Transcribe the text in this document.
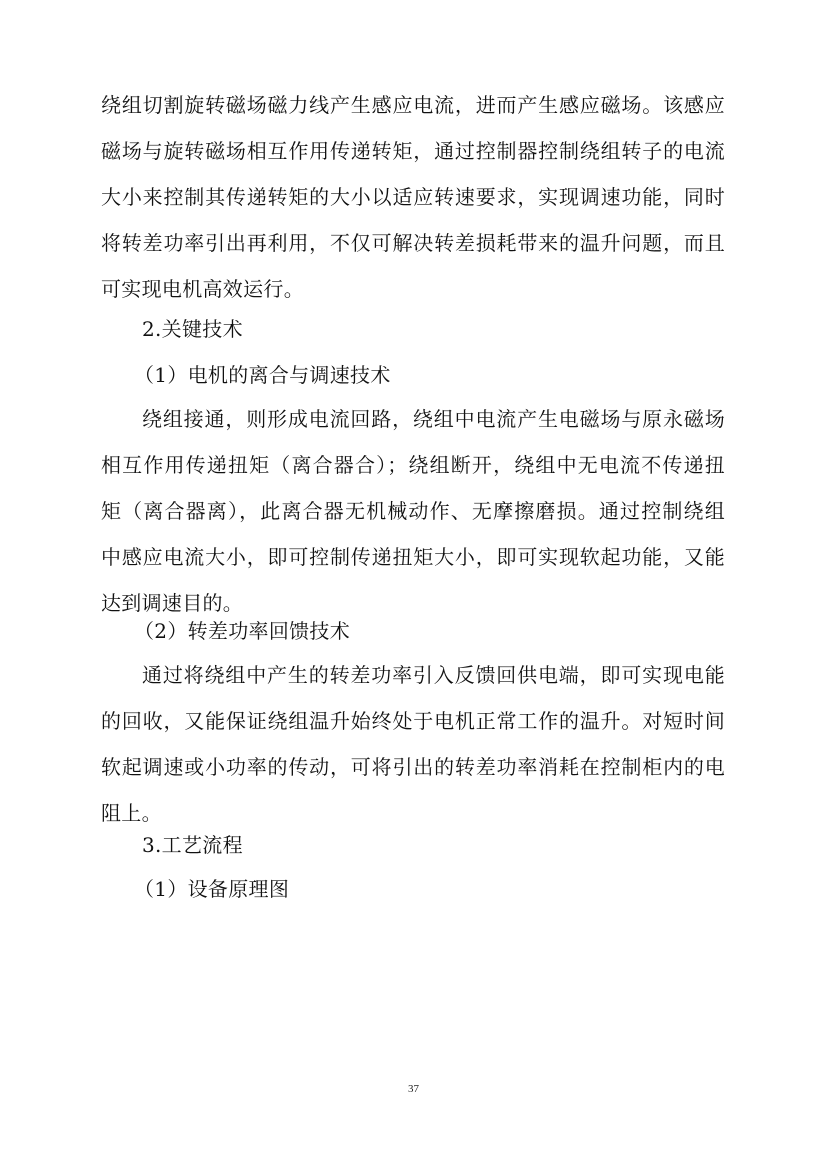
绕组切割旋转磁场磁力线产生感应电流，进而产生感应磁场。该感应
磁场与旋转磁场相互作用传递转矩，通过控制器控制绕组转子的电流
大小来控制其传递转矩的大小以适应转速要求，实现调速功能，同时
将转差功率引出再利用，不仅可解决转差损耗带来的温升问题，而且
可实现电机高效运行。
2.关键技术
（1）电机的离合与调速技术
绕组接通，则形成电流回路，绕组中电流产生电磁场与原永磁场
相互作用传递扭矩（离合器合）；绕组断开，绕组中无电流不传递扭
矩（离合器离），此离合器无机械动作、无摩擦磨损。通过控制绕组
中感应电流大小，即可控制传递扭矩大小，即可实现软起功能，又能
达到调速目的。
（2）转差功率回馈技术
通过将绕组中产生的转差功率引入反馈回供电端，即可实现电能
的回收，又能保证绕组温升始终处于电机正常工作的温升。对短时间
软起调速或小功率的传动，可将引出的转差功率消耗在控制柜内的电
阻上。
3.工艺流程
（1）设备原理图
37
